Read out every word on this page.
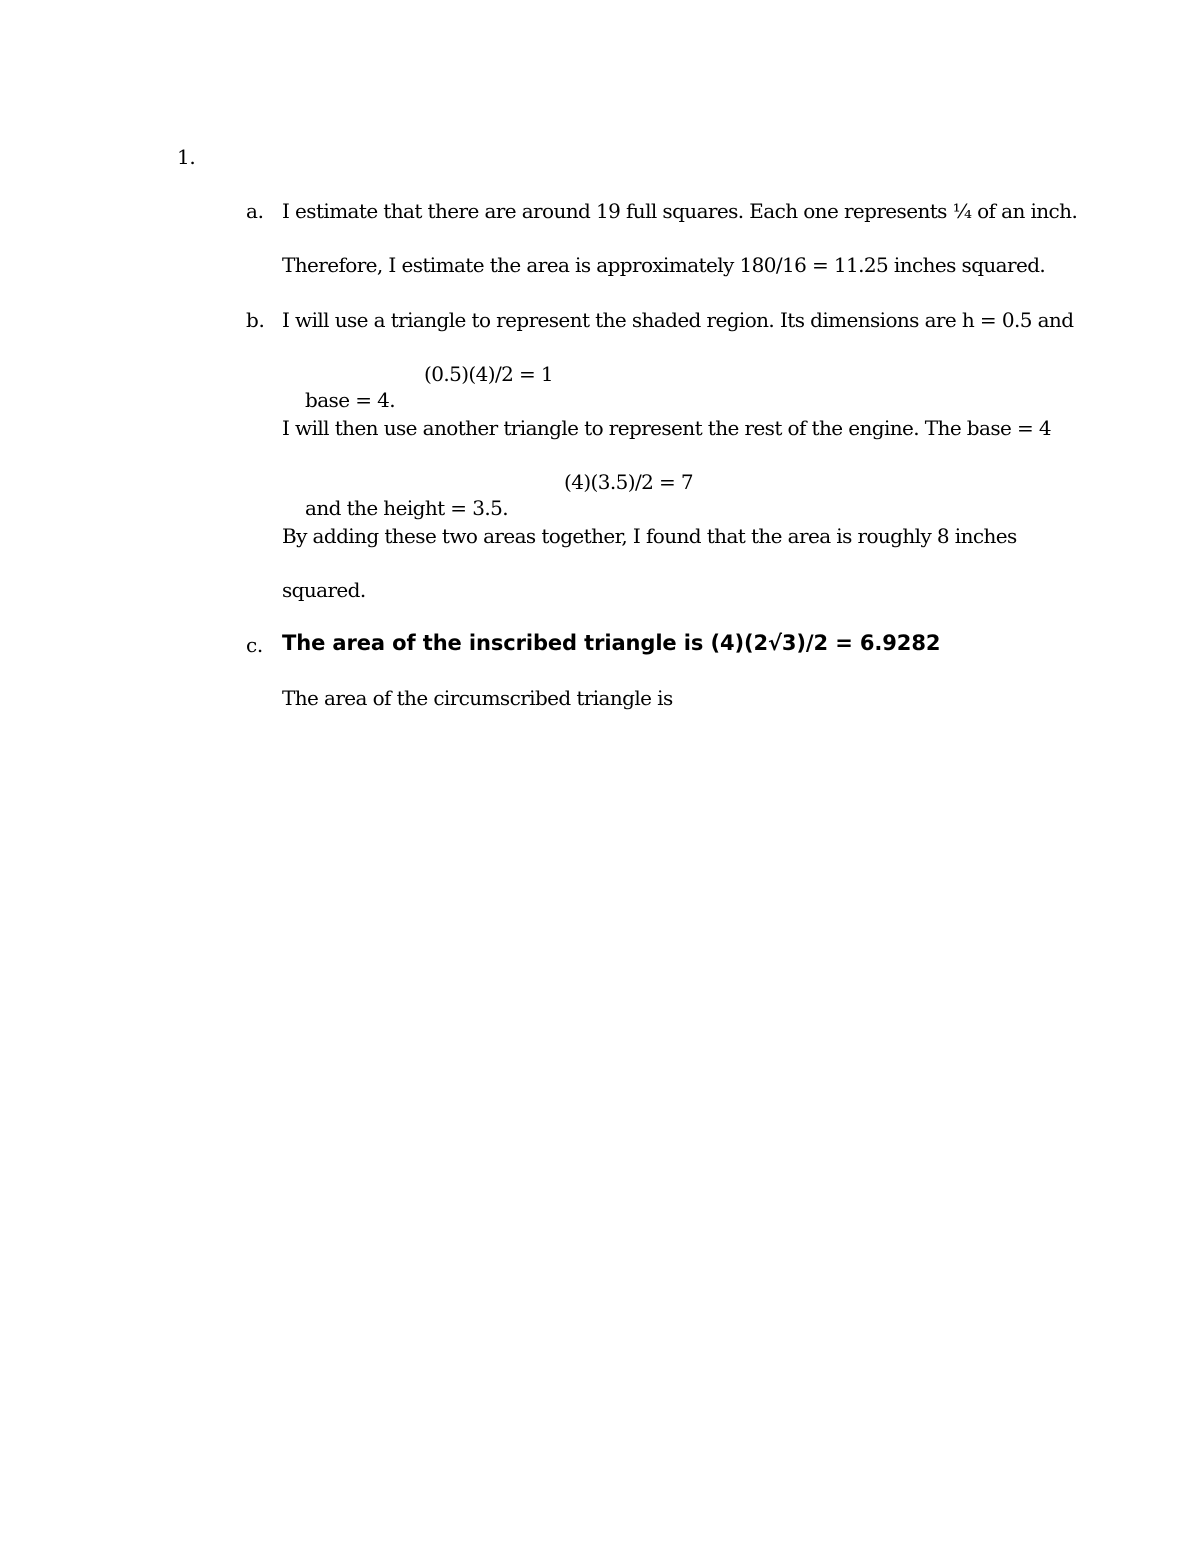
1.
a. I estimate that there are around 19 full squares. Each one represents ¼ of an inch.
Therefore, I estimate the area is approximately 180/16 = 11.25 inches squared.
b. I will use a triangle to represent the shaded region. Its dimensions are h = 0.5 and

base = 4.

(0.5)(4)/2 = 1
I will then use another triangle to represent the rest of the engine. The base = 4

and the height = 3.5.

(4)(3.5)/2 = 7
By adding these two areas together, I found that the area is roughly 8 inches
squared.
c. The area of the inscribed triangle is (4)(2√3)/2 = 6.9282
The area of the circumscribed triangle is
